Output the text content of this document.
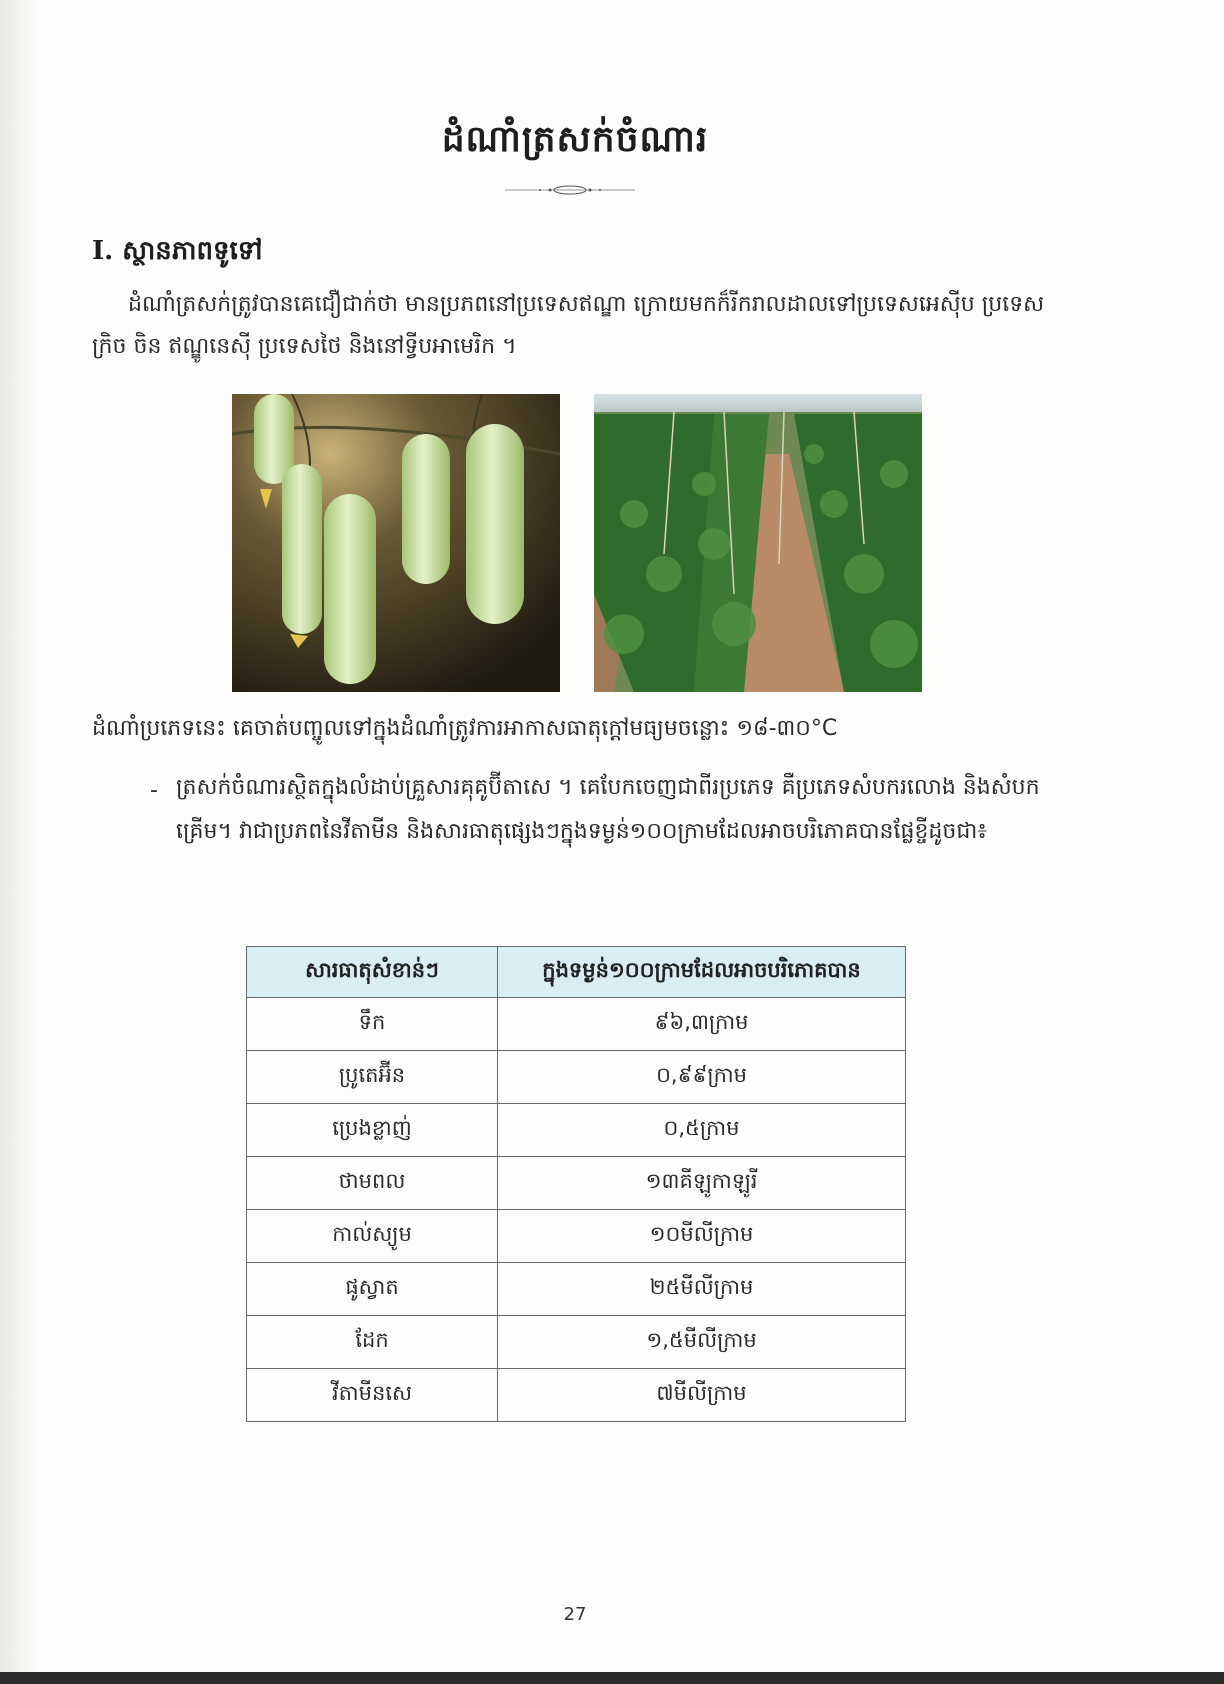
ដំណាំត្រសក់ចំណារ
I. ស្ថានភាពទូទៅ

ដំណាំត្រសក់ត្រូវបានគេជឿជាក់ថា មានប្រភពនៅប្រទេសឥណ្ឌា ក្រោយមកក៏រីករាលដាលទៅប្រទេសអេស៊ីប ប្រទេសក្រិច ចិន ឥណ្ឌូនេស៊ី ប្រទេសថៃ និងនៅទ្វីបអាមេរិក ។

ដំណាំប្រភេទនេះ គេចាត់បញ្ចូលទៅក្នុងដំណាំត្រូវការអាកាសធាតុក្តៅមធ្យមចន្លោះ ១៨-៣០°C

- ត្រសក់ចំណារស្ថិតក្នុងលំដាប់គ្រួសារគុគូប៊ីតាសេ ។ គេបែកចេញជាពីរប្រភេទ គឺប្រភេទសំបករលោង និងសំបកគ្រើម។ វាជាប្រភពនៃវីតាមីន និងសារធាតុផ្សេងៗក្នុងទម្ងន់១០០ក្រាមដែលអាចបរិភោគបានផ្លែខ្ចីដូចជា៖

សារធាតុសំខាន់ៗ	ក្នុងទម្ងន់១០០ក្រាមដែលអាចបរិភោគបាន
ទឹក	៩៦,៣ក្រាម
ប្រូតេអ៊ីន	០,៩៩ក្រាម
ប្រេងខ្លាញ់	០,៥ក្រាម
ថាមពល	១៣គីឡូកាឡូរី
កាល់ស្យូម	១០មីលីក្រាម
ផូស្វាត	២៥មីលីក្រាម
ដែក	១,៥មីលីក្រាម
វីតាមីនសេ	៧មីលីក្រាម
27
